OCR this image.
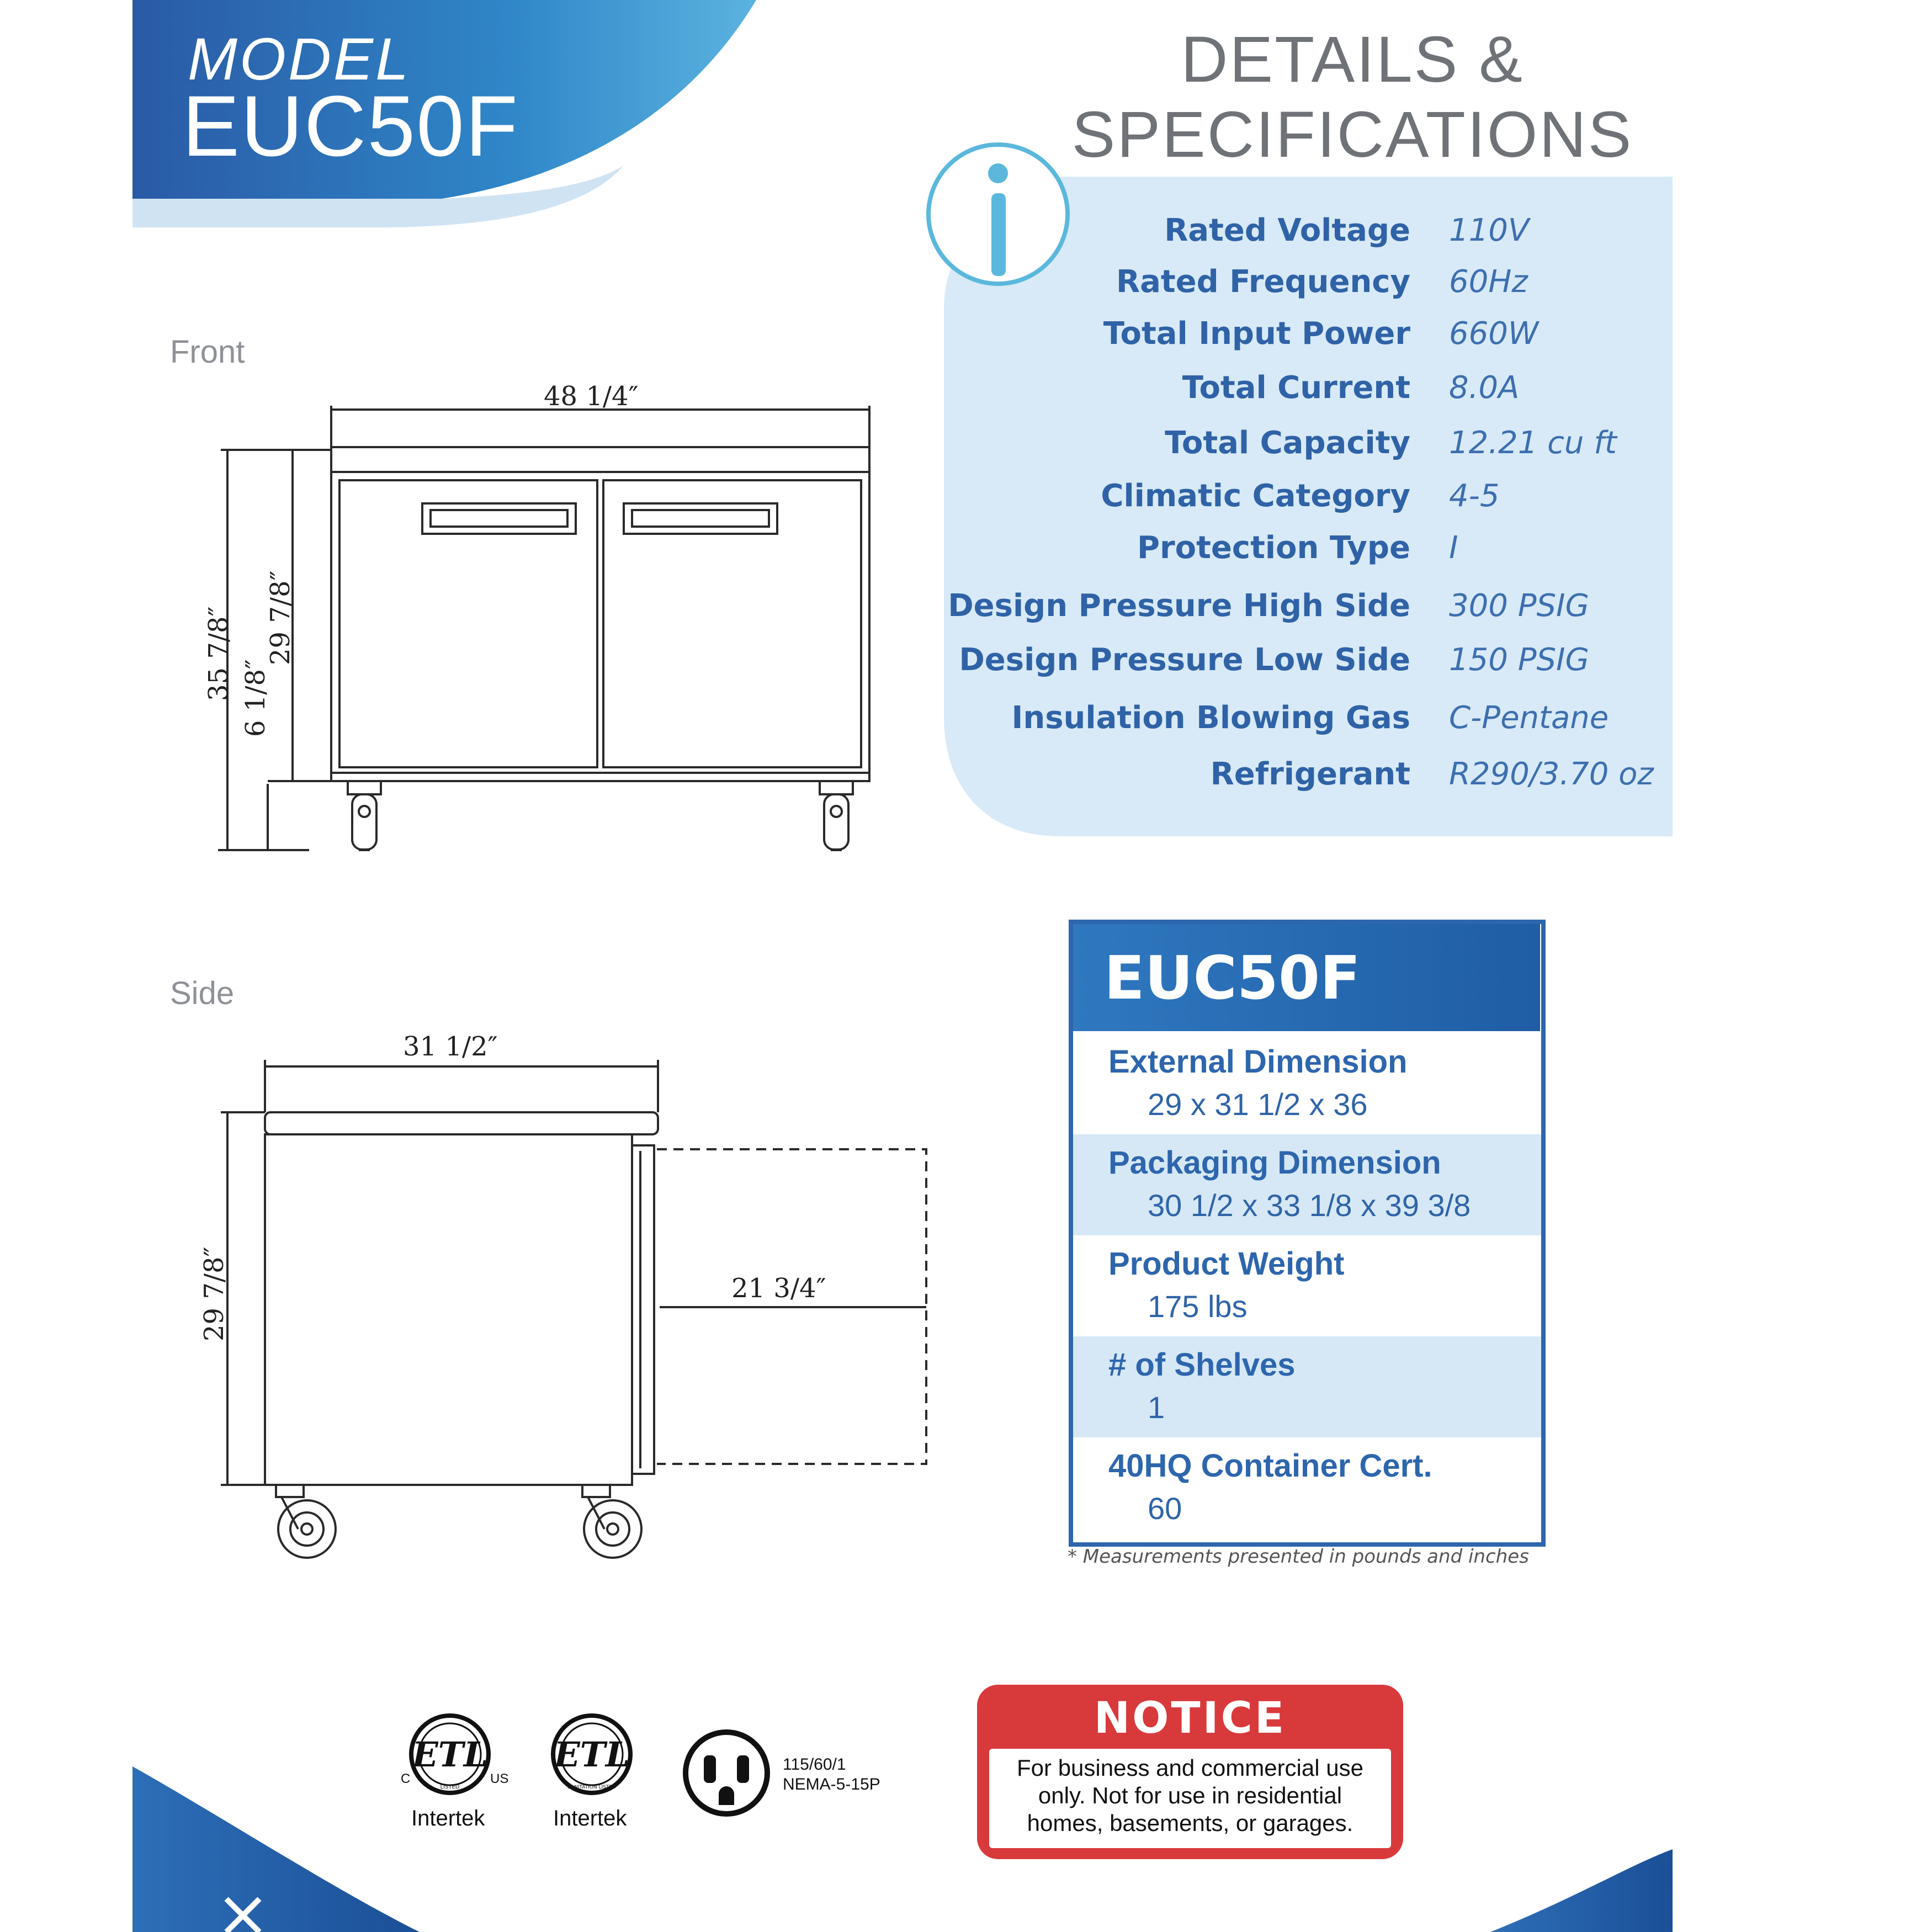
MODEL
EUC50F
DETAILS &
SPECIFICATIONS
Rated Voltage 110V
Rated Frequency 60Hz
Total Input Power 660W
Total Current 8.0A
Total Capacity 12.21 cu ft
Climatic Category 4-5
Protection Type I
Design Pressure High Side 300 PSIG
Design Pressure Low Side 150 PSIG
Insulation Blowing Gas C-Pentane
Refrigerant R290/3.70 oz
Front
48 1/4″
35 7/8″ 6 1/8″
29 7/8″
Side
31 1/2″
21 3/4″
29 7/8″
EUC50F
External Dimension
29 x 31 1/2 x 36
Packaging Dimension
30 1/2 x 33 1/8 x 39 3/8
Product Weight
175 lbs
# of Shelves
1
40HQ Container Cert.
60
* Measurements presented in pounds and inches
ETL
LISTED
C	US
Intertek
ETL
SANITATION LISTED
Intertek
115/60/1
NEMA-5-15P
NOTICE
For business and commercial use
only. Not for use in residential
homes, basements, or garages.
